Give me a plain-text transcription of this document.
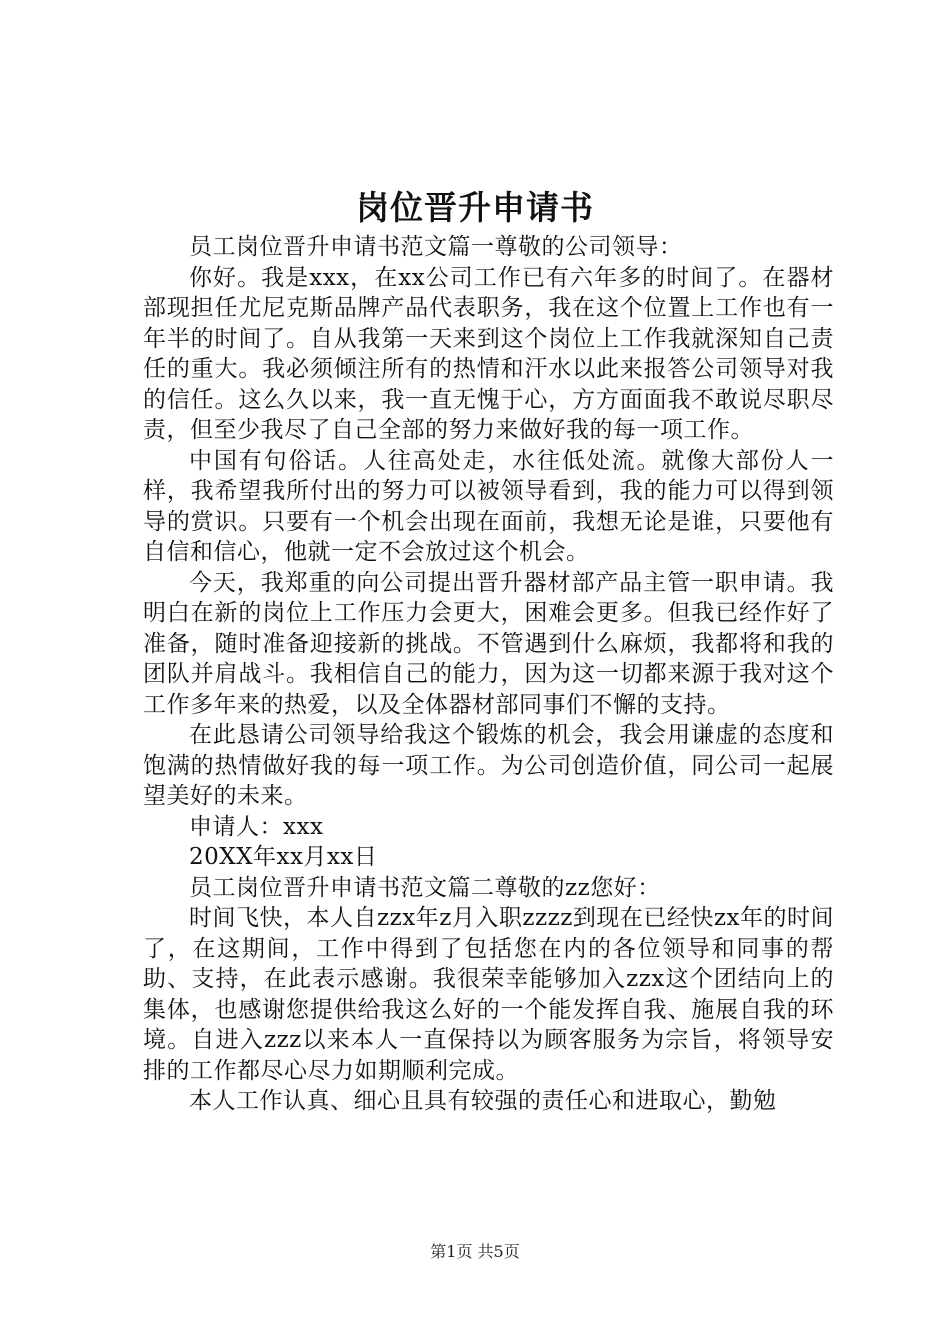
岗位晋升申请书

员工岗位晋升申请书范文篇一尊敬的公司领导：

你好。我是xxx，在xx公司工作已有六年多的时间了。在器材部现担任尤尼克斯品牌产品代表职务，我在这个位置上工作也有一年半的时间了。自从我第一天来到这个岗位上工作我就深知自己责任的重大。我必须倾注所有的热情和汗水以此来报答公司领导对我的信任。这么久以来，我一直无愧于心，方方面面我不敢说尽职尽责，但至少我尽了自己全部的努力来做好我的每一项工作。

中国有句俗话。人往高处走，水往低处流。就像大部份人一样，我希望我所付出的努力可以被领导看到，我的能力可以得到领导的赏识。只要有一个机会出现在面前，我想无论是谁，只要他有自信和信心，他就一定不会放过这个机会。

今天，我郑重的向公司提出晋升器材部产品主管一职申请。我明白在新的岗位上工作压力会更大，困难会更多。但我已经作好了准备，随时准备迎接新的挑战。不管遇到什么麻烦，我都将和我的团队并肩战斗。我相信自己的能力，因为这一切都来源于我对这个工作多年来的热爱，以及全体器材部同事们不懈的支持。

在此恳请公司领导给我这个锻炼的机会，我会用谦虚的态度和饱满的热情做好我的每一项工作。为公司创造价值，同公司一起展望美好的未来。

申请人：xxx

20XX年xx月xx日

员工岗位晋升申请书范文篇二尊敬的zz您好：

时间飞快，本人自zzx年z月入职zzzz到现在已经快zx年的时间了，在这期间，工作中得到了包括您在内的各位领导和同事的帮助、支持，在此表示感谢。我很荣幸能够加入zzx这个团结向上的集体，也感谢您提供给我这么好的一个能发挥自我、施展自我的环境。自进入zzz以来本人一直保持以为顾客服务为宗旨，将领导安排的工作都尽心尽力如期顺利完成。

本人工作认真、细心且具有较强的责任心和进取心，勤勉

第1页 共5页
